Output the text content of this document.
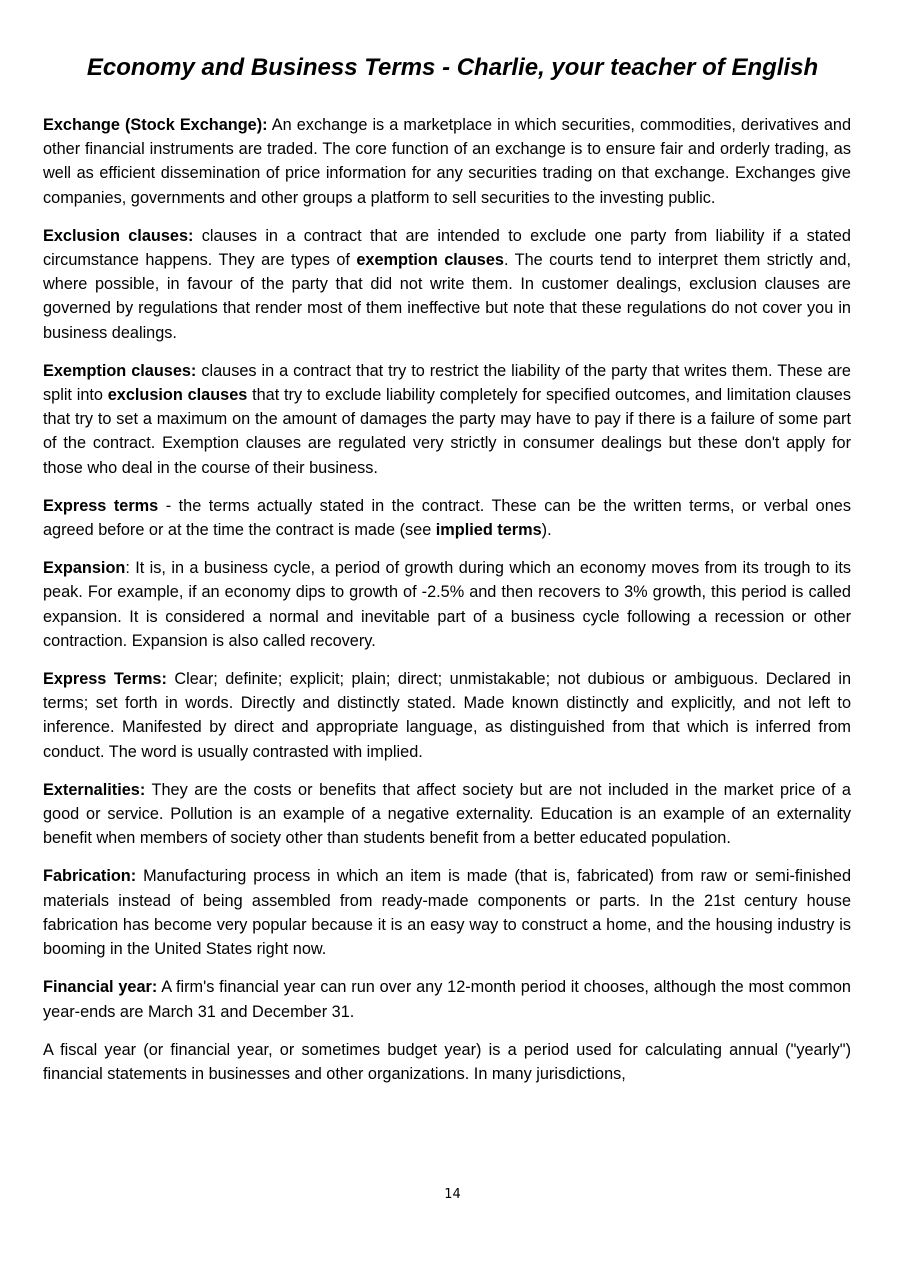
Economy and Business Terms - Charlie, your teacher of English

Exchange (Stock Exchange): An exchange is a marketplace in which securities, commodities, derivatives and other financial instruments are traded. The core function of an exchange is to ensure fair and orderly trading, as well as efficient dissemination of price information for any securities trading on that exchange. Exchanges give companies, governments and other groups a platform to sell securities to the investing public.

Exclusion clauses: clauses in a contract that are intended to exclude one party from liability if a stated circumstance happens. They are types of exemption clauses. The courts tend to interpret them strictly and, where possible, in favour of the party that did not write them. In customer dealings, exclusion clauses are governed by regulations that render most of them ineffective but note that these regulations do not cover you in business dealings.

Exemption clauses: clauses in a contract that try to restrict the liability of the party that writes them. These are split into exclusion clauses that try to exclude liability completely for specified outcomes, and limitation clauses that try to set a maximum on the amount of damages the party may have to pay if there is a failure of some part of the contract. Exemption clauses are regulated very strictly in consumer dealings but these don't apply for those who deal in the course of their business.

Express terms - the terms actually stated in the contract. These can be the written terms, or verbal ones agreed before or at the time the contract is made (see implied terms).

Expansion: It is, in a business cycle, a period of growth during which an economy moves from its trough to its peak. For example, if an economy dips to growth of -2.5% and then recovers to 3% growth, this period is called expansion. It is considered a normal and inevitable part of a business cycle following a recession or other contraction. Expansion is also called recovery.

Express Terms: Clear; definite; explicit; plain; direct; unmistakable; not dubious or ambiguous. Declared in terms; set forth in words. Directly and distinctly stated. Made known distinctly and explicitly, and not left to inference. Manifested by direct and appropriate language, as distinguished from that which is inferred from conduct. The word is usually contrasted with implied.

Externalities: They are the costs or benefits that affect society but are not included in the market price of a good or service. Pollution is an example of a negative externality. Education is an example of an externality benefit when members of society other than students benefit from a better educated population.

Fabrication: Manufacturing process in which an item is made (that is, fabricated) from raw or semi-finished materials instead of being assembled from ready-made components or parts. In the 21st century house fabrication has become very popular because it is an easy way to construct a home, and the housing industry is booming in the United States right now.

Financial year: A firm's financial year can run over any 12-month period it chooses, although the most common year-ends are March 31 and December 31.

A fiscal year (or financial year, or sometimes budget year) is a period used for calculating annual ("yearly") financial statements in businesses and other organizations. In many jurisdictions,

14
